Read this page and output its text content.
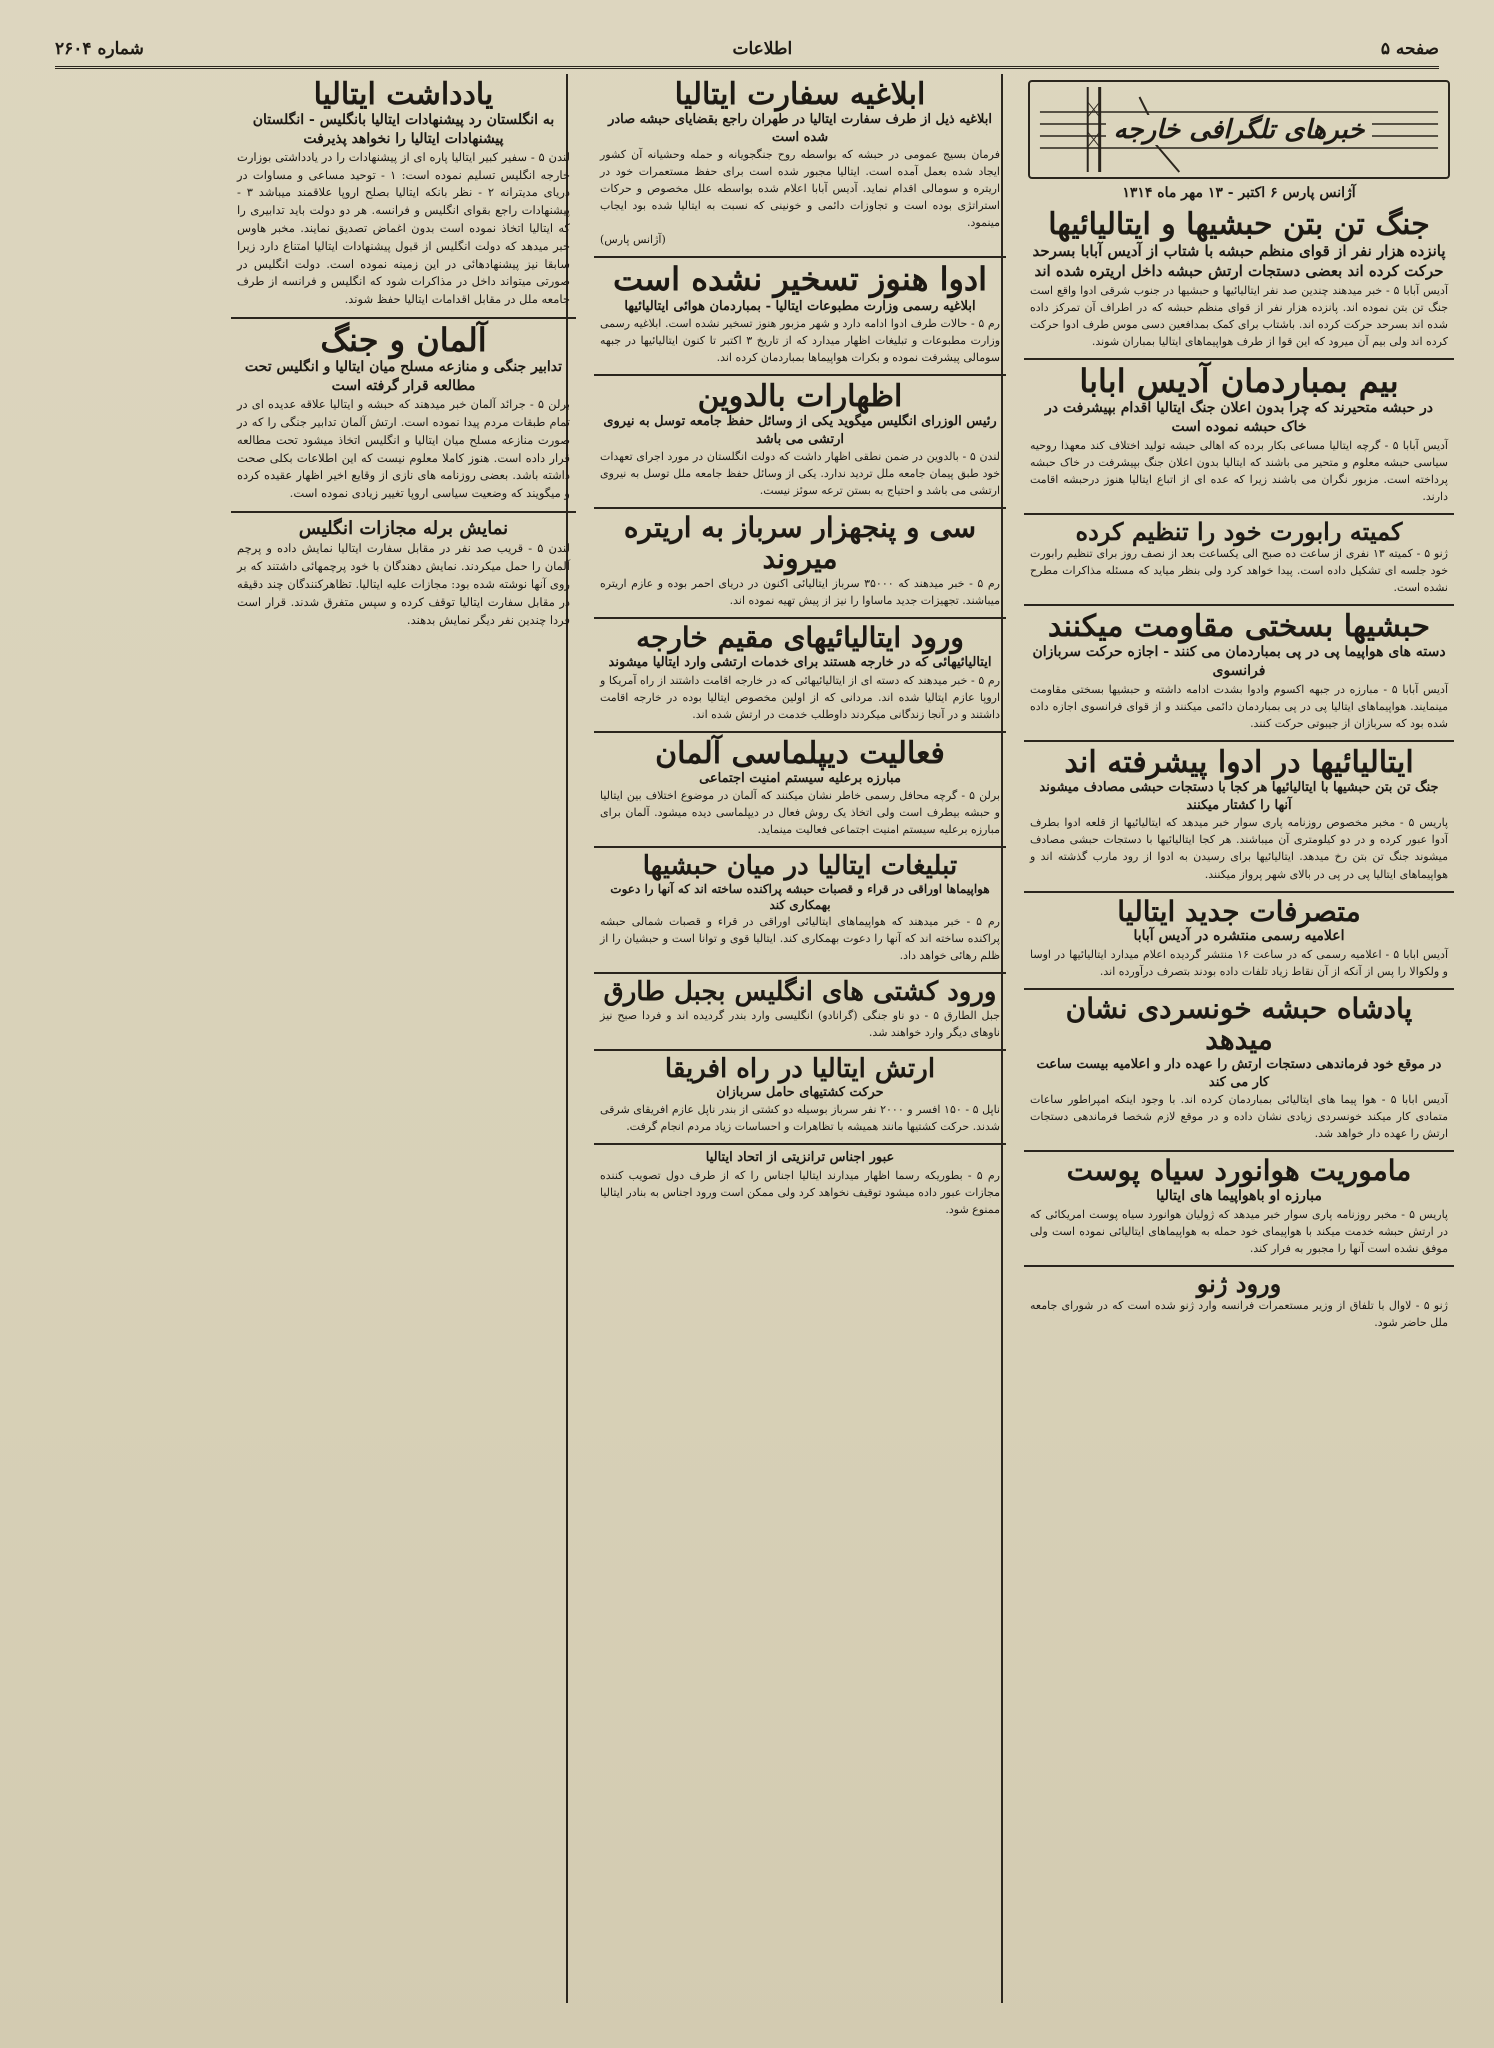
صفحه ۵
اطلاعات
شماره ۲۶۰۴
خبرهای تلگرافی خارجه
آژانس پارس ۶ اکتبر - ۱۳ مهر ماه ۱۳۱۴
جنگ تن بتن حبشیها و ایتالیائیها
پانزده هزار نفر از قوای منظم حبشه با شتاب از آدیس آبابا بسرحد حرکت کرده اند بعضی دستجات ارتش حبشه داخل اریتره شده اند
آدیس آبابا ۵ - خبر میدهند چندین صد نفر ایتالیائیها و حبشیها در جنوب شرقی ادوا واقع است جنگ تن بتن نموده اند. پانزده هزار نفر از قوای منظم حبشه که در اطراف آن تمرکز داده شده اند بسرحد حرکت کرده اند. باشتاب برای کمک بمدافعین دسی موس طرف ادوا حرکت کرده اند ولی بیم آن میرود که این قوا از طرف هواپیماهای ایتالیا بمباران شوند.
بیم بمباردمان آدیس ابابا
در حبشه متحیرند که چرا بدون اعلان جنگ ایتالیا اقدام بپیشرفت در خاک حبشه نموده است
آدیس آبابا ۵ - گرچه ایتالیا مساعی بکار برده که اهالی حبشه تولید اختلاف کند معهذا روحیه سیاسی حبشه معلوم و متحیر می باشند که ایتالیا بدون اعلان جنگ بپیشرفت در خاک حبشه پرداخته است. مزبور نگران می باشند زیرا که عده ای از اتباع ایتالیا هنوز درحبشه اقامت دارند.
کمیته رابورت خود را تنظیم کرده
ژنو ۵ - کمیته ۱۳ نفری از ساعت ده صبح الی یکساعت بعد از نصف روز برای تنظیم رابورت خود جلسه ای تشکیل داده است. پیدا خواهد کرد ولی بنظر میاید که مسئله مذاکرات مطرح نشده است.
حبشیها بسختی مقاومت میکنند
دسته های هواپیما پی در پی بمباردمان می کنند - اجازه حرکت سربازان فرانسوی
آدیس آبابا ۵ - مبارزه در جبهه اکسوم وادوا بشدت ادامه داشته و حبشیها بسختی مقاومت مینمایند. هواپیماهای ایتالیا پی در پی بمباردمان دائمی میکنند و از قوای فرانسوی اجازه داده شده بود که سربازان از جیبوتی حرکت کنند.
ایتالیائیها در ادوا پیشرفته اند
جنگ تن بتن حبشیها با ایتالیائیها هر کجا با دستجات حبشی مصادف میشوند آنها را کشتار میکنند
پاریس ۵ - مخبر مخصوص روزنامه پاری سوار خبر میدهد که ایتالیائیها از قلعه ادوا بطرف آدوا عبور کرده و در دو کیلومتری آن میباشند. هر کجا ایتالیائیها با دستجات حبشی مصادف میشوند جنگ تن بتن رخ میدهد. ایتالیائیها برای رسیدن به ادوا از رود مارب گذشته اند و هواپیماهای ایتالیا پی در پی در بالای شهر پرواز میکنند.
متصرفات جدید ایتالیا
اعلامیه رسمی منتشره در آدیس آبابا
آدیس ابابا ۵ - اعلامیه رسمی که در ساعت ۱۶ منتشر گردیده اعلام میدارد ایتالیائیها در اوسا و ولکوالا را پس از آنکه از آن نقاط زیاد تلفات داده بودند بتصرف درآورده اند.
پادشاه حبشه خونسردی نشان میدهد
در موقع خود فرماندهی دستجات ارتش را عهده دار و اعلامیه بیست ساعت کار می کند
آدیس ابابا ۵ - هوا پیما های ایتالیائی بمباردمان کرده اند. با وجود اینکه امپراطور ساعات متمادی کار میکند خونسردی زیادی نشان داده و در موقع لازم شخصا فرماندهی دستجات ارتش را عهده دار خواهد شد.
ماموریت هوانورد سیاه پوست
مبارزه او باهواپیما های ایتالیا
پاریس ۵ - مخبر روزنامه پاری سوار خبر میدهد که ژولیان هوانورد سیاه پوست امریکائی که در ارتش حبشه خدمت میکند با هواپیمای خود حمله به هواپیماهای ایتالیائی نموده است ولی موفق نشده است آنها را مجبور به فرار کند.
ورود ژنو
ژنو ۵ - لاوال با تلفاق از وزیر مستعمرات فرانسه وارد ژنو شده است که در شورای جامعه ملل حاضر شود.
ابلاغیه سفارت ایتالیا
ابلاغیه ذیل از طرف سفارت ایتالیا در طهران راجع بقضایای حبشه صادر شده است
فرمان بسیج عمومی در حبشه که بواسطه روح جنگجویانه و حمله وحشیانه آن کشور ایجاد شده بعمل آمده است. ایتالیا مجبور شده است برای حفظ مستعمرات خود در اریتره و سومالی اقدام نماید. آدیس آبابا اعلام شده بواسطه علل مخصوص و حرکات استراتژی بوده است و تجاوزات دائمی و خونینی که نسبت به ایتالیا شده بود ایجاب مینمود.
(آژانس پارس)
ادوا هنوز تسخیر نشده است
ابلاغیه رسمی وزارت مطبوعات ایتالیا - بمباردمان هوائی ایتالیائیها
رم ۵ - حالات طرف ادوا ادامه دارد و شهر مزبور هنوز تسخیر نشده است. ابلاغیه رسمی وزارت مطبوعات و تبلیغات اظهار میدارد که از تاریخ ۳ اکتبر تا کنون ایتالیائیها در جبهه سومالی پیشرفت نموده و بکرات هواپیماها بمباردمان کرده اند.
اظهارات بالدوین
رئیس الوزرای انگلیس میگوید یکی از وسائل حفظ جامعه توسل به نیروی ارتشی می باشد
لندن ۵ - بالدوین در ضمن نطقی اظهار داشت که دولت انگلستان در مورد اجرای تعهدات خود طبق پیمان جامعه ملل تردید ندارد. یکی از وسائل حفظ جامعه ملل توسل به نیروی ارتشی می باشد و احتیاج به بستن ترعه سوئز نیست.
سی و پنجهزار سرباز به اریتره میروند
رم ۵ - خبر میدهند که ۳۵۰۰۰ سرباز ایتالیائی اکنون در دریای احمر بوده و عازم اریتره میباشند. تجهیزات جدید ماساوا را نیز از پیش تهیه نموده اند.
ورود ایتالیائیهای مقیم خارجه
ایتالیائیهائی که در خارجه هستند برای خدمات ارتشی وارد ایتالیا میشوند
رم ۵ - خبر میدهند که دسته ای از ایتالیائیهائی که در خارجه اقامت داشتند از راه آمریکا و اروپا عازم ایتالیا شده اند. مردانی که از اولین مخصوص ایتالیا بوده در خارجه اقامت داشتند و در آنجا زندگانی میکردند داوطلب خدمت در ارتش شده اند.
فعالیت دیپلماسی آلمان
مبارزه برعلیه سیستم امنیت اجتماعی
برلن ۵ - گرچه محافل رسمی خاطر نشان میکنند که آلمان در موضوع اختلاف بین ایتالیا و حبشه بیطرف است ولی اتخاذ یک روش فعال در دیپلماسی دیده میشود. آلمان برای مبارزه برعلیه سیستم امنیت اجتماعی فعالیت مینماید.
تبلیغات ایتالیا در میان حبشیها
هواپیماها اوراقی در قراء و قصبات حبشه پراکنده ساخته اند که آنها را دعوت بهمکاری کند
رم ۵ - خبر میدهند که هواپیماهای ایتالیائی اوراقی در قراء و قصبات شمالی حبشه پراکنده ساخته اند که آنها را دعوت بهمکاری کند. ایتالیا قوی و توانا است و حبشیان را از ظلم رهائی خواهد داد.
ورود کشتی های انگلیس بجبل طارق
جبل الطارق ۵ - دو ناو جنگی (گرانادو) انگلیسی وارد بندر گردیده اند و فردا صبح نیز ناوهای دیگر وارد خواهند شد.
ارتش ایتالیا در راه افریقا
حرکت کشتیهای حامل سربازان
ناپل ۵ - ۱۵۰ افسر و ۲۰۰۰ نفر سرباز بوسیله دو کشتی از بندر ناپل عازم افریقای شرقی شدند. حرکت کشتیها مانند همیشه با تظاهرات و احساسات زیاد مردم انجام گرفت.
عبور اجناس ترانزیتی از اتحاد ایتالیا
رم ۵ - بطوریکه رسما اظهار میدارند ایتالیا اجناس را که از طرف دول تصویب کننده مجازات عبور داده میشود توقیف نخواهد کرد ولی ممکن است ورود اجناس به بنادر ایتالیا ممنوع شود.
یادداشت ایتالیا
به انگلستان رد پیشنهادات ایتالیا بانگلیس - انگلستان پیشنهادات ایتالیا را نخواهد پذیرفت
لندن ۵ - سفیر کبیر ایتالیا پاره ای از پیشنهادات را در یادداشتی بوزارت خارجه انگلیس تسلیم نموده است: ۱ - توحید مساعی و مساوات در دریای مدیترانه ۲ - نظر بانکه ایتالیا بصلح اروپا علاقمند میباشد ۳ - پیشنهادات راجع بقوای انگلیس و فرانسه. هر دو دولت باید تدابیری را که ایتالیا اتخاذ نموده است بدون اغماض تصدیق نمایند. مخبر هاوس خبر میدهد که دولت انگلیس از قبول پیشنهادات ایتالیا امتناع دارد زیرا سابقا نیز پیشنهادهائی در این زمینه نموده است. دولت انگلیس در صورتی میتواند داخل در مذاکرات شود که انگلیس و فرانسه از طرف جامعه ملل در مقابل اقدامات ایتالیا حفظ شوند.
آلمان و جنگ
تدابیر جنگی و منازعه مسلح میان ایتالیا و انگلیس تحت مطالعه قرار گرفته است
برلن ۵ - جرائد آلمان خبر میدهند که حبشه و ایتالیا علاقه عدیده ای در تمام طبقات مردم پیدا نموده است. ارتش آلمان تدابیر جنگی را که در صورت منازعه مسلح میان ایتالیا و انگلیس اتخاذ میشود تحت مطالعه قرار داده است. هنوز کاملا معلوم نیست که این اطلاعات بکلی صحت داشته باشد. بعضی روزنامه های نازی از وقایع اخیر اظهار عقیده کرده و میگویند که وضعیت سیاسی اروپا تغییر زیادی نموده است.
نمایش برله مجازات انگلیس
لندن ۵ - قریب صد نفر در مقابل سفارت ایتالیا نمایش داده و پرچم آلمان را حمل میکردند. نمایش دهندگان با خود پرچمهائی داشتند که بر روی آنها نوشته شده بود: مجازات علیه ایتالیا. تظاهرکنندگان چند دقیقه در مقابل سفارت ایتالیا توقف کرده و سپس متفرق شدند. قرار است فردا چندین نفر دیگر نمایش بدهند.
